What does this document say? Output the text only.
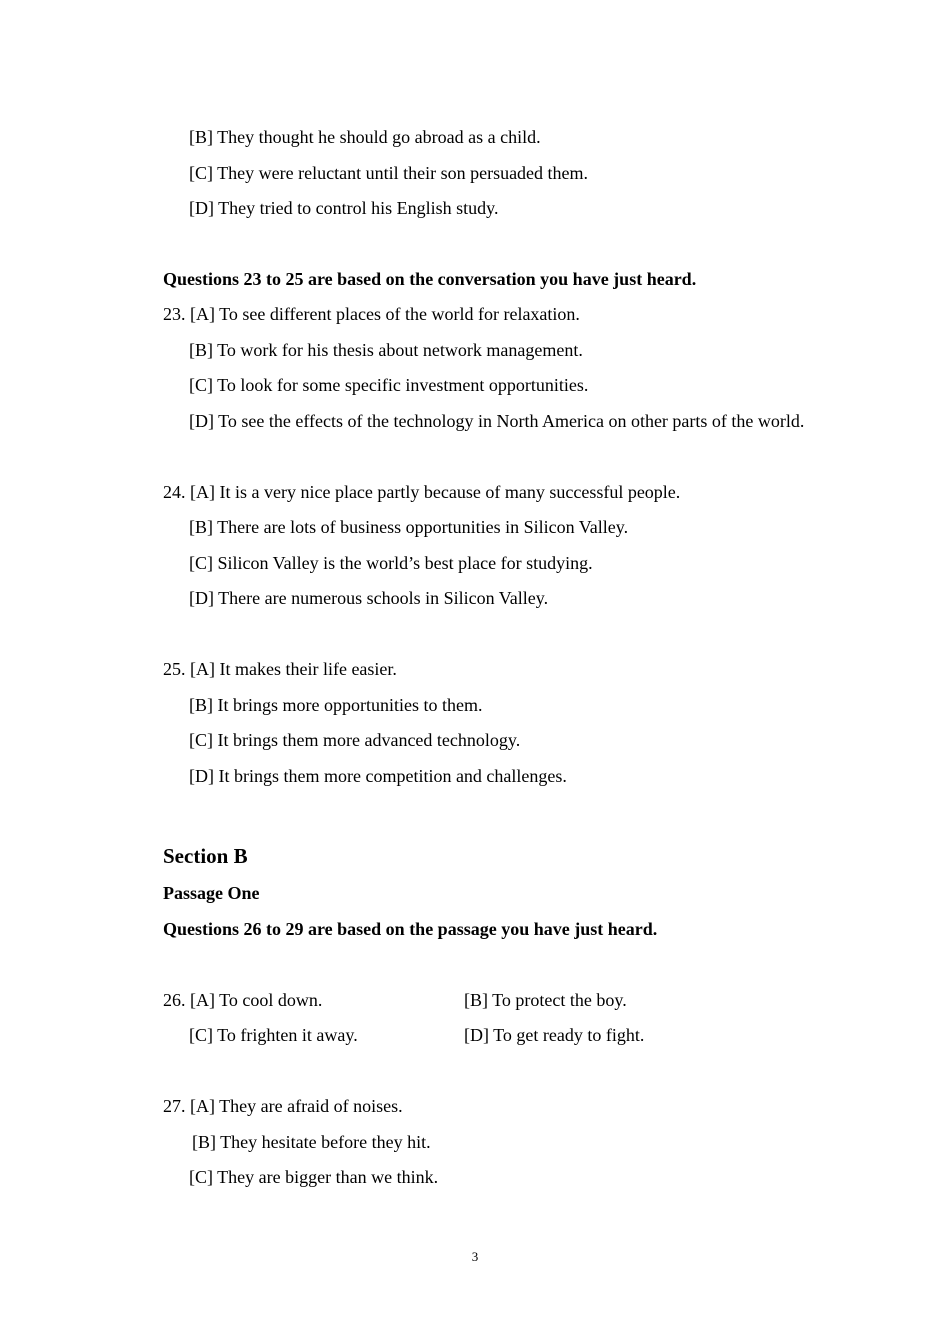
[B] They thought he should go abroad as a child.
[C] They were reluctant until their son persuaded them.
[D] They tried to control his English study.
Questions 23 to 25 are based on the conversation you have just heard.
23. [A] To see different places of the world for relaxation.
[B] To work for his thesis about network management.
[C] To look for some specific investment opportunities.
[D] To see the effects of the technology in North America on other parts of the world.
24. [A] It is a very nice place partly because of many successful people.
[B] There are lots of business opportunities in Silicon Valley.
[C] Silicon Valley is the world’s best place for studying.
[D] There are numerous schools in Silicon Valley.
25. [A] It makes their life easier.
[B] It brings more opportunities to them.
[C] It brings them more advanced technology.
[D] It brings them more competition and challenges.
Section B
Passage One
Questions 26 to 29 are based on the passage you have just heard.
26. [A] To cool down.	[B] To protect the boy.
[C] To frighten it away.	[D] To get ready to fight.
27. [A] They are afraid of noises.
[B] They hesitate before they hit.
[C] They are bigger than we think.
3
